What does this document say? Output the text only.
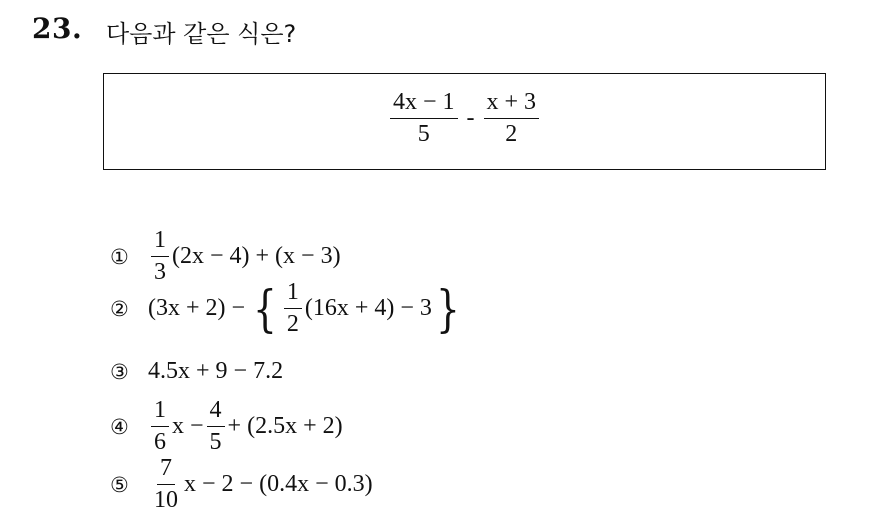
23. 다음과 같은 식은?
$\frac{4x - 1}{5} - \frac{x + 3}{2}$
① $\frac{1}{3} (2x - 4) + (x - 3)$
② (3x + 2) − { $\frac{1}{2} (16x + 4) - 3$ }
③ 4.5x + 9 − 7.2
④ $\frac{1}{6}$ $x - \frac{4}{5} + (2.5x + 2)$
⑤ $\frac{7}{10}$ x − 2 − (0.4x − 0.3)
